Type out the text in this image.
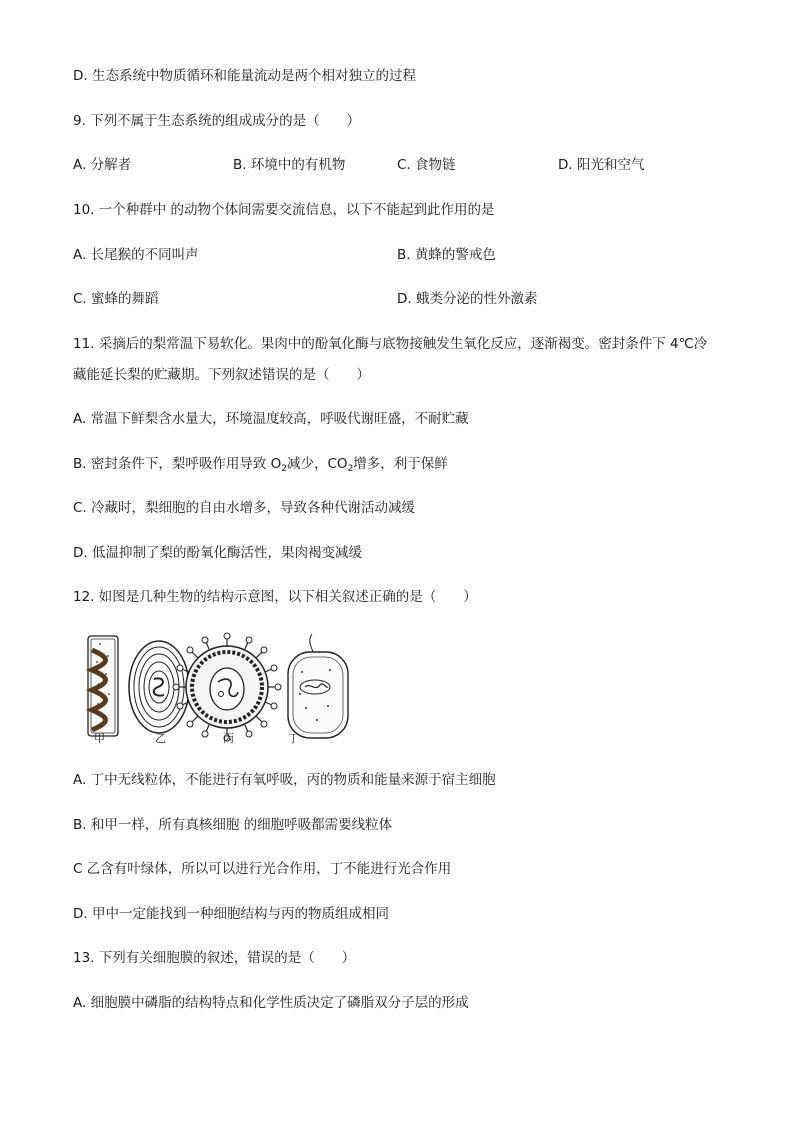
D. 生态系统中物质循环和能量流动是两个相对独立的过程
9. 下列不属于生态系统的组成成分的是（　　）
A. 分解者	B. 环境中的有机物	C. 食物链	D. 阳光和空气
10. 一个种群中 的动物个体间需要交流信息，以下不能起到此作用的是
A. 长尾猴的不同叫声	B. 黄蜂的警戒色
C. 蜜蜂的舞蹈	D. 蛾类分泌的性外激素
11. 采摘后的梨常温下易软化。果肉中的酚氧化酶与底物接触发生氧化反应，逐渐褐变。密封条件下 4℃冷
藏能延长梨的贮藏期。下列叙述错误的是（　　）
A. 常温下鲜梨含水量大，环境温度较高，呼吸代谢旺盛，不耐贮藏
B. 密封条件下，梨呼吸作用导致 $O_2$减少，$CO_2$增多，利于保鲜
C. 冷藏时，梨细胞的自由水增多，导致各种代谢活动减缓
D. 低温抑制了梨的酚氧化酶活性，果肉褐变减缓
12. 如图是几种生物的结构示意图，以下相关叙述正确的是（　　）
甲	乙	丙	丁
A. 丁中无线粒体，不能进行有氧呼吸，丙的物质和能量来源于宿主细胞
B. 和甲一样，所有真核细胞 的细胞呼吸都需要线粒体
C 乙含有叶绿体，所以可以进行光合作用，丁不能进行光合作用
D. 甲中一定能找到一种细胞结构与丙的物质组成相同
13. 下列有关细胞膜的叙述，错误的是（　　）
A. 细胞膜中磷脂的结构特点和化学性质决定了磷脂双分子层的形成
